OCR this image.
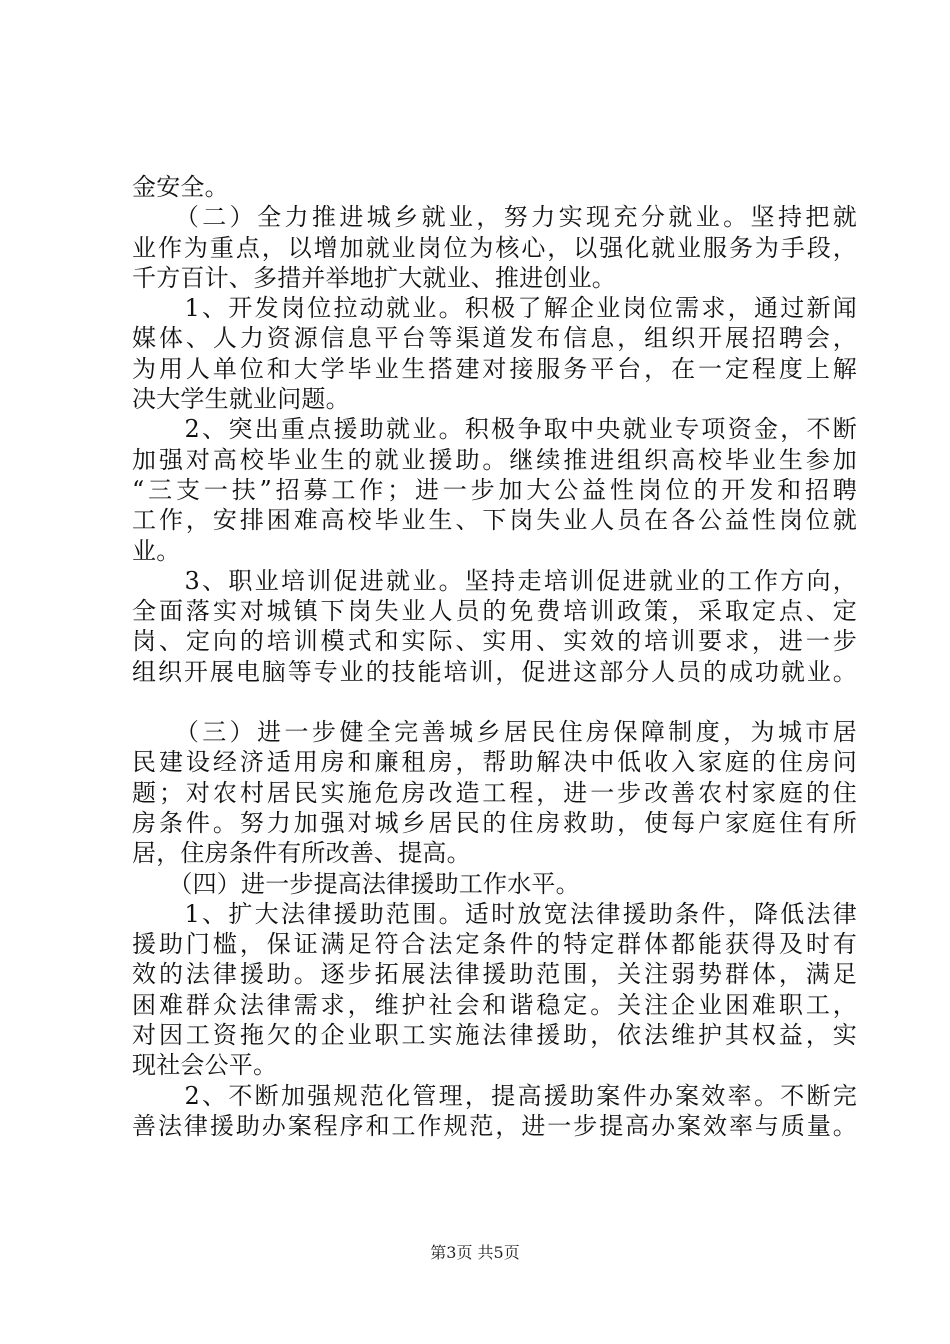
金安全。
　　（二）全力推进城乡就业，努力实现充分就业。坚持把就
业作为重点，以增加就业岗位为核心，以强化就业服务为手段，
千方百计、多措并举地扩大就业、推进创业。
　　1、开发岗位拉动就业。积极了解企业岗位需求，通过新闻
媒体、人力资源信息平台等渠道发布信息，组织开展招聘会，
为用人单位和大学毕业生搭建对接服务平台，在一定程度上解
决大学生就业问题。
　　2、突出重点援助就业。积极争取中央就业专项资金，不断
加强对高校毕业生的就业援助。继续推进组织高校毕业生参加
“三支一扶”招募工作；进一步加大公益性岗位的开发和招聘
工作，安排困难高校毕业生、下岗失业人员在各公益性岗位就
业。
　　3、职业培训促进就业。坚持走培训促进就业的工作方向，
全面落实对城镇下岗失业人员的免费培训政策，采取定点、定
岗、定向的培训模式和实际、实用、实效的培训要求，进一步
组织开展电脑等专业的技能培训，促进这部分人员的成功就业。
　　（三）进一步健全完善城乡居民住房保障制度，为城市居
民建设经济适用房和廉租房，帮助解决中低收入家庭的住房问
题；对农村居民实施危房改造工程，进一步改善农村家庭的住
房条件。努力加强对城乡居民的住房救助，使每户家庭住有所
居，住房条件有所改善、提高。
　　（四）进一步提高法律援助工作水平。
　　1、扩大法律援助范围。适时放宽法律援助条件，降低法律
援助门槛，保证满足符合法定条件的特定群体都能获得及时有
效的法律援助。逐步拓展法律援助范围，关注弱势群体，满足
困难群众法律需求，维护社会和谐稳定。关注企业困难职工，
对因工资拖欠的企业职工实施法律援助，依法维护其权益，实
现社会公平。
　　2、不断加强规范化管理，提高援助案件办案效率。不断完
善法律援助办案程序和工作规范，进一步提高办案效率与质量。
第3页 共5页
